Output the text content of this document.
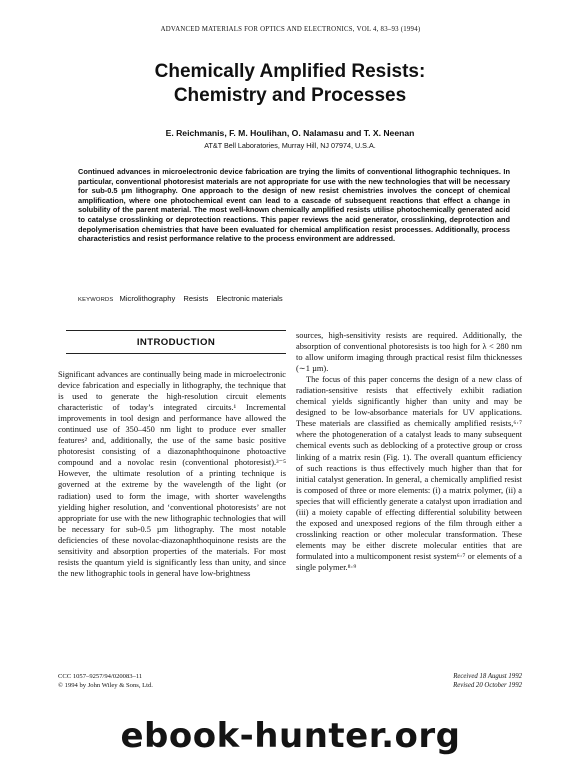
ADVANCED MATERIALS FOR OPTICS AND ELECTRONICS, VOL 4, 83–93 (1994)
Chemically Amplified Resists:
Chemistry and Processes
E. Reichmanis, F. M. Houlihan, O. Nalamasu and T. X. Neenan
AT&T Bell Laboratories, Murray Hill, NJ 07974, U.S.A.

Continued advances in microelectronic device fabrication are trying the limits of conventional lithographic techniques. In particular, conventional photoresist materials are not appropriate for use with the new technologies that will be necessary for sub-0.5 µm lithography. One approach to the design of new resist chemistries involves the concept of chemical amplification, where one photochemical event can lead to a cascade of subsequent reactions that effect a change in solubility of the parent material. The most well-known chemically amplified resists utilise photochemically generated acid to catalyse crosslinking or deprotection reactions. This paper reviews the acid generator, crosslinking, deprotection and depolymerisation chemistries that have been evaluated for chemical amplification resist processes. Additionally, process characteristics and resist performance relative to the process environment are addressed.

KEYWORDS Microlithography Resists Electronic materials
INTRODUCTION

Significant advances are continually being made in microelectronic device fabrication and especially in lithography, the technique that is used to generate the high-resolution circuit elements characteristic of today’s integrated circuits.¹ Incremental improvements in tool design and performance have allowed the continued use of 350–450 nm light to produce ever smaller features² and, additionally, the use of the same basic positive photoresist consisting of a diazonaphthoquinone photoactive compound and a novolac resin (conventional photoresist).³⁻⁵ However, the ultimate resolution of a printing technique is governed at the extreme by the wavelength of the light (or radiation) used to form the image, with shorter wavelengths yielding higher resolution, and ‘conventional photoresists’ are not appropriate for use with the new lithographic technologies that will be necessary for sub-0.5 µm lithography. The most notable deficiencies of these novolac-diazonaphthoquinone resists are the sensitivity and absorption properties of the materials. For most resists the quantum yield is significantly less than unity, and since the new lithographic tools in general have low-brightness

sources, high-sensitivity resists are required. Additionally, the absorption of conventional photoresists is too high for λ < 280 nm to allow uniform imaging through practical resist film thicknesses (∼1 µm).

The focus of this paper concerns the design of a new class of radiation-sensitive resists that effectively exhibit radiation chemical yields significantly higher than unity and may be designed to be low-absorbance materials for UV applications. These materials are classified as chemically amplified resists,⁶·⁷ where the photogeneration of a catalyst leads to many subsequent chemical events such as deblocking of a protective group or cross linking of a matrix resin (Fig. 1). The overall quantum efficiency of such reactions is thus effectively much higher than that for initial catalyst generation. In general, a chemically amplified resist is composed of three or more elements: (i) a matrix polymer, (ii) a species that will efficiently generate a catalyst upon irradiation and (iii) a moiety capable of effecting differential solubility between the exposed and unexposed regions of the film through either a crosslinking reaction or other molecular transformation. These elements may be either discrete molecular entities that are formulated into a multicomponent resist system⁶·⁷ or elements of a single polymer.⁸·⁹

CCC 1057–9257/94/020083–11
© 1994 by John Wiley & Sons, Ltd.
Received 18 August 1992
Revised 20 October 1992
ebook-hunter.org
